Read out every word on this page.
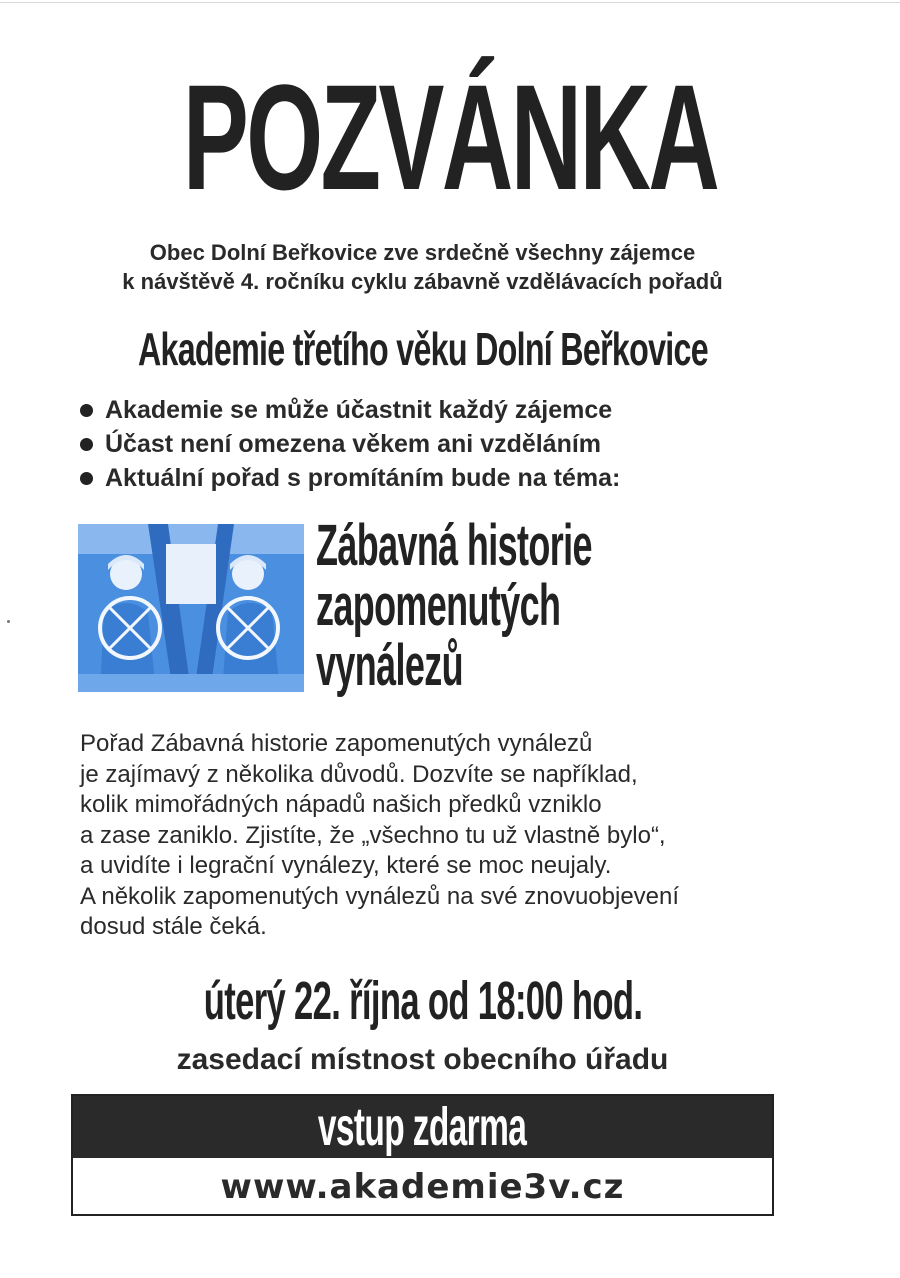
POZVÁNKA
Obec Dolní Beřkovice zve srdečně všechny zájemce
k návštěvě 4. ročníku cyklu zábavně vzdělávacích pořadů
Akademie třetího věku Dolní Beřkovice
Akademie se může účastnit každý zájemce
Účast není omezena věkem ani vzděláním
Aktuální pořad s promítáním bude na téma:
Zábavná historie
zapomenutých
vynálezů
Pořad Zábavná historie zapomenutých vynálezů
je zajímavý z několika důvodů. Dozvíte se například,
kolik mimořádných nápadů našich předků vzniklo
a zase zaniklo. Zjistíte, že „všechno tu už vlastně bylo“,
a uvidíte i legrační vynálezy, které se moc neujaly.
A několik zapomenutých vynálezů na své znovuobjevení
dosud stále čeká.
úterý 22. října od 18:00 hod.
zasedací místnost obecního úřadu
vstup zdarma
www.akademie3v.cz
